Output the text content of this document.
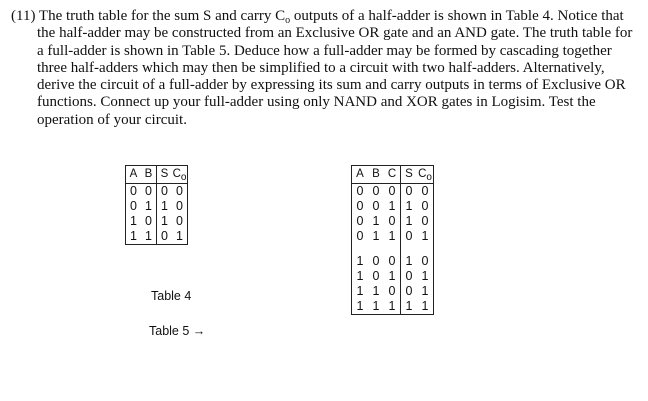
(11) The truth table for the sum S and carry $C_o$ outputs of a half-adder is shown in Table 4. Notice that the half-adder may be constructed from an Exclusive OR gate and an AND gate. The truth table for a full-adder is shown in Table 5. Deduce how a full-adder may be formed by cascading together three half-adders which may then be simplified to a circuit with two half-adders. Alternatively, derive the circuit of a full-adder by expressing its sum and carry outputs in terms of Exclusive OR functions. Connect up your full-adder using only NAND and XOR gates in Logisim. Test the operation of your circuit.

A	B	S	$C_o$
0	0	0	0
0	1	1	0
1	0	1	0
1	1	0	1
Table 4
A	B	C	S	$C_o$
0	0	0	0	0
0	0	1	1	0
0	1	0	1	0
0	1	1	0	1

1	0	0	1	0
1	0	1	0	1
1	1	0	0	1
1	1	1	1	1
Table 5 →
